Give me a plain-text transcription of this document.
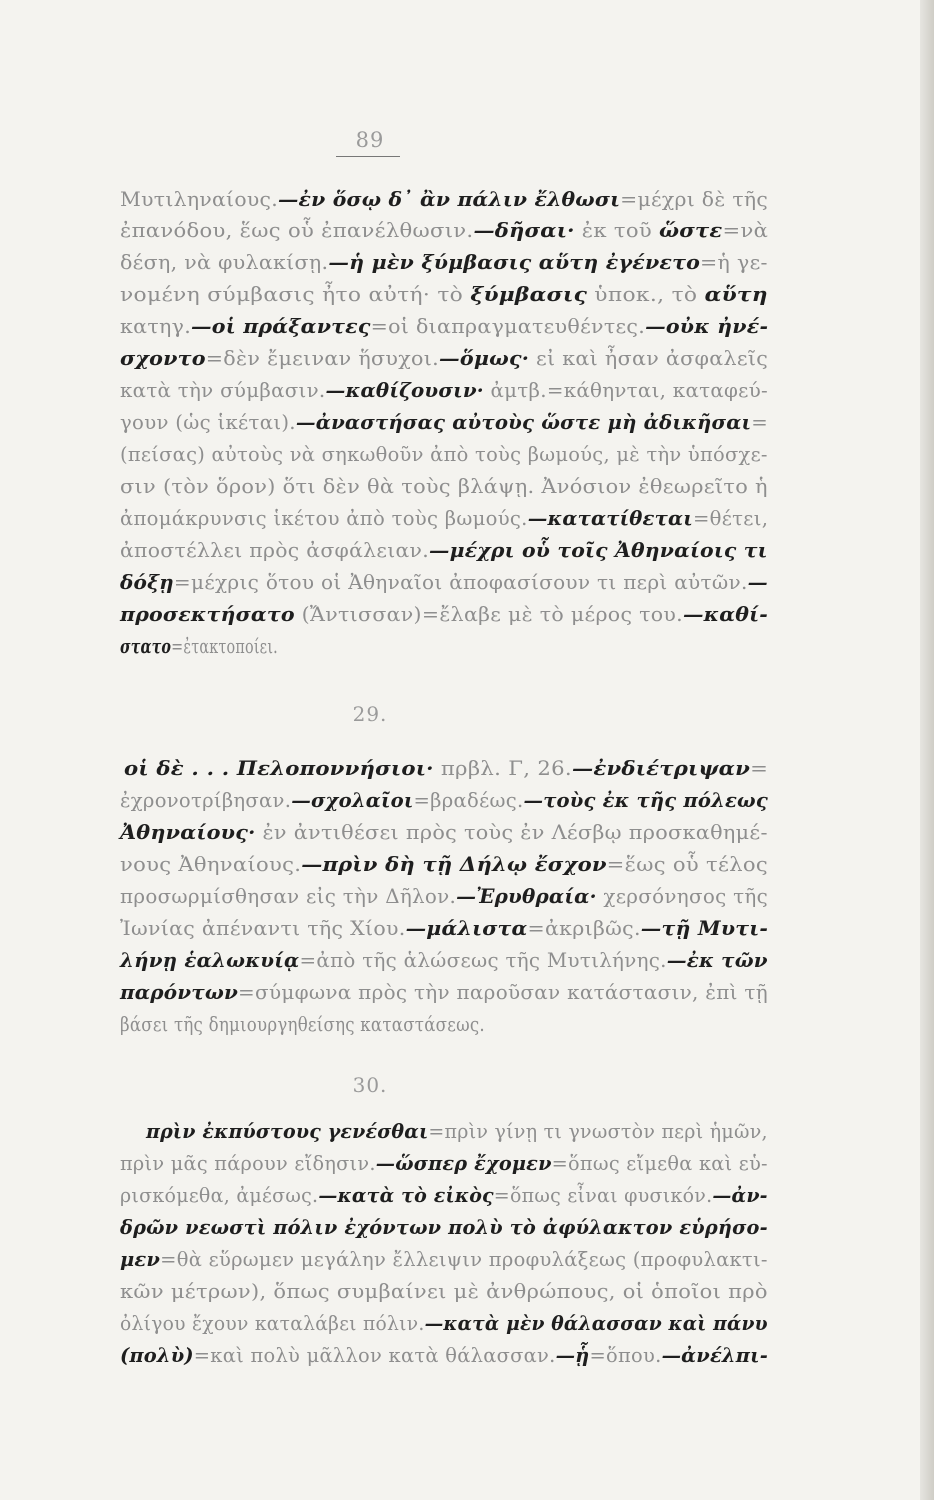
89
29.
30.
Μυτιληναίους.—ἐν ὅσῳ δ᾽ ἂν πάλιν ἔλθωσι=μέχρι δὲ τῆς
ἐπανόδου, ἕως οὗ ἐπανέλθωσιν.—δῆσαι· ἐκ τοῦ ὥστε=νὰ
δέση, νὰ φυλακίσῃ.—ἡ μὲν ξύμβασις αὕτη ἐγένετο=ἡ γε-
νομένη σύμβασις ἦτο αὐτή· τὸ ξύμβασις ὑποκ., τὸ αὕτη
κατηγ.—οἱ πράξαντες=οἱ διαπραγματευθέντες.—οὐκ ἠνέ-
σχοντο=δὲν ἔμειναν ἥσυχοι.—ὅμως· εἰ καὶ ἦσαν ἀσφαλεῖς
κατὰ τὴν σύμβασιν.—καθίζουσιν· ἀμτβ.=κάθηνται, καταφεύ-
γουν (ὡς ἱκέται).—ἀναστήσας αὐτοὺς ὥστε μὴ ἀδικῆσαι=
(πείσας) αὐτοὺς νὰ σηκωθοῦν ἀπὸ τοὺς βωμούς, μὲ τὴν ὑπόσχε-
σιν (τὸν ὅρον) ὅτι δὲν θὰ τοὺς βλάψῃ. Ἀνόσιον ἐθεωρεῖτο ἡ
ἀπομάκρυνσις ἱκέτου ἀπὸ τοὺς βωμούς.—κατατίθεται=θέτει,
ἀποστέλλει πρὸς ἀσφάλειαν.—μέχρι οὗ τοῖς Ἀθηναίοις τι
δόξῃ=μέχρις ὅτου οἱ Ἀθηναῖοι ἀποφασίσουν τι περὶ αὐτῶν.—
προσεκτήσατο (Ἄντισσαν)=ἔλαβε μὲ τὸ μέρος του.—καθί-
στατο=ἐτακτοποίει.
οἱ δὲ . . . Πελοποννήσιοι· πρβλ. Γ, 26.—ἐνδιέτριψαν=
ἐχρονοτρίβησαν.—σχολαῖοι=βραδέως.—τοὺς ἐκ τῆς πόλεως
Ἀθηναίους· ἐν ἀντιθέσει πρὸς τοὺς ἐν Λέσβῳ προσκαθημέ-
νους Ἀθηναίους.—πρὶν δὴ τῇ Δήλῳ ἔσχον=ἕως οὗ τέλος
προσωρμίσθησαν εἰς τὴν Δῆλον.—Ἐρυθραία· χερσόνησος τῆς
Ἰωνίας ἀπέναντι τῆς Χίου.—μάλιστα=ἀκριβῶς.—τῇ Μυτι-
λήνῃ ἑαλωκυίᾳ=ἀπὸ τῆς ἁλώσεως τῆς Μυτιλήνης.—ἐκ τῶν
παρόντων=σύμφωνα πρὸς τὴν παροῦσαν κατάστασιν, ἐπὶ τῇ
βάσει τῆς δημιουργηθείσης καταστάσεως.
πρὶν ἐκπύστους γενέσθαι=πρὶν γίνῃ τι γνωστὸν περὶ ἡμῶν,
πρὶν μᾶς πάρουν εἴδησιν.—ὥσπερ ἔχομεν=ὅπως εἴμεθα καὶ εὑ-
ρισκόμεθα, ἀμέσως.—κατὰ τὸ εἰκὸς=ὅπως εἶναι φυσικόν.—ἀν-
δρῶν νεωστὶ πόλιν ἐχόντων πολὺ τὸ ἀφύλακτον εὑρήσο-
μεν=θὰ εὕρωμεν μεγάλην ἔλλειψιν προφυλάξεως (προφυλακτι-
κῶν μέτρων), ὅπως συμβαίνει μὲ ἀνθρώπους, οἱ ὁποῖοι πρὸ
ὀλίγου ἔχουν καταλάβει πόλιν.—κατὰ μὲν θάλασσαν καὶ πάνυ
(πολὺ)=καὶ πολὺ μᾶλλον κατὰ θάλασσαν.—ᾗ=ὅπου.—ἀνέλπι-
